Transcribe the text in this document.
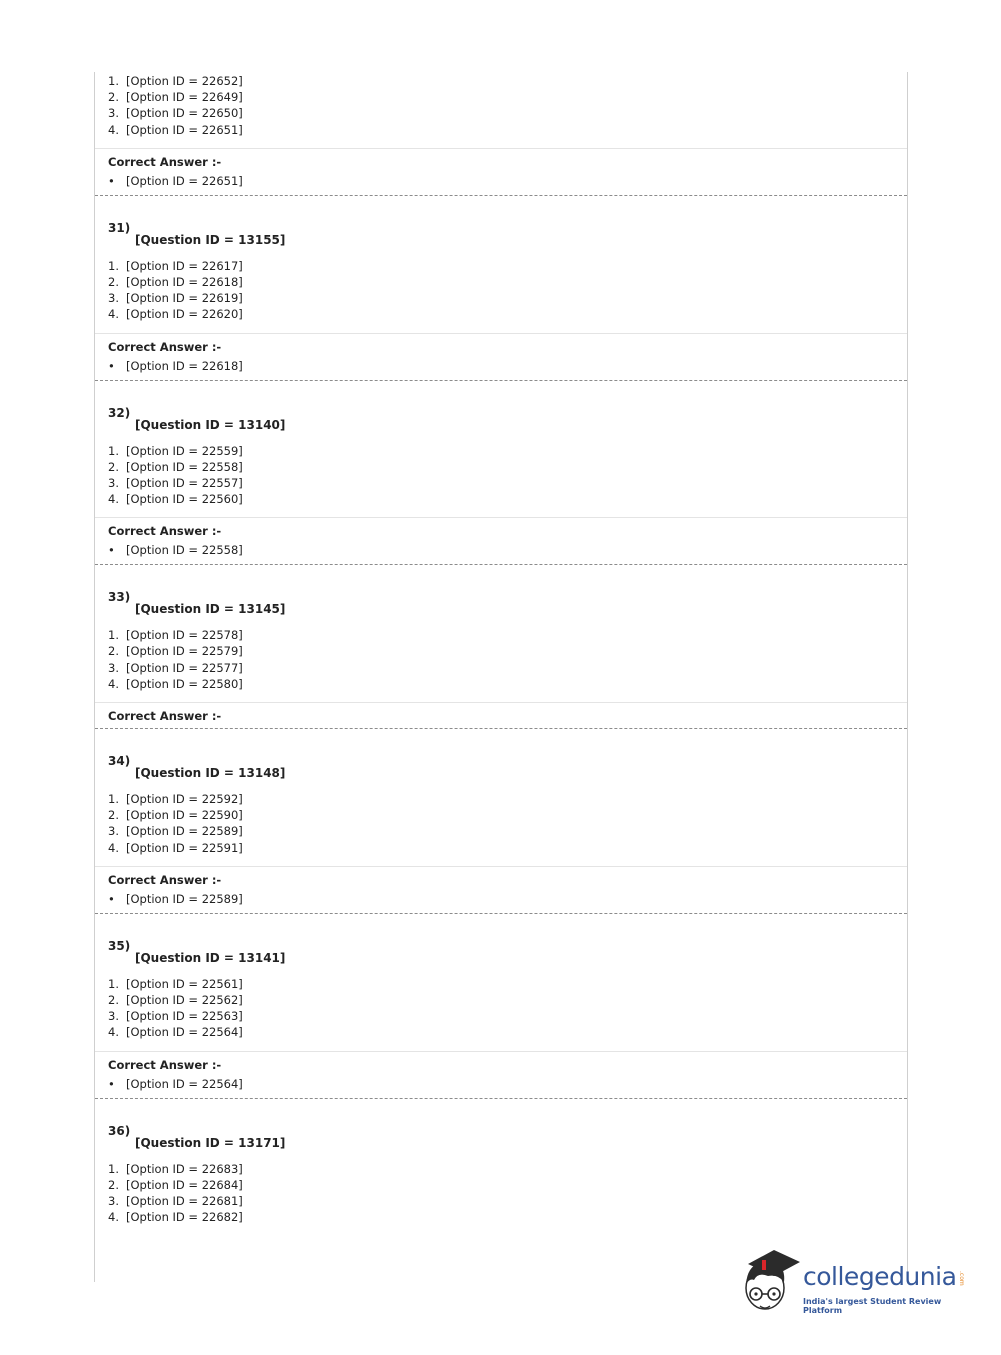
1. [Option ID = 22652]
2. [Option ID = 22649]
3. [Option ID = 22650]
4. [Option ID = 22651]
Correct Answer :-
• [Option ID = 22651]
31)
[Question ID = 13155]
1. [Option ID = 22617]
2. [Option ID = 22618]
3. [Option ID = 22619]
4. [Option ID = 22620]
Correct Answer :-
• [Option ID = 22618]
32)
[Question ID = 13140]
1. [Option ID = 22559]
2. [Option ID = 22558]
3. [Option ID = 22557]
4. [Option ID = 22560]
Correct Answer :-
• [Option ID = 22558]
33)
[Question ID = 13145]
1. [Option ID = 22578]
2. [Option ID = 22579]
3. [Option ID = 22577]
4. [Option ID = 22580]
Correct Answer :-
34)
[Question ID = 13148]
1. [Option ID = 22592]
2. [Option ID = 22590]
3. [Option ID = 22589]
4. [Option ID = 22591]
Correct Answer :-
• [Option ID = 22589]
35)
[Question ID = 13141]
1. [Option ID = 22561]
2. [Option ID = 22562]
3. [Option ID = 22563]
4. [Option ID = 22564]
Correct Answer :-
• [Option ID = 22564]
36)
[Question ID = 13171]
1. [Option ID = 22683]
2. [Option ID = 22684]
3. [Option ID = 22681]
4. [Option ID = 22682]
collegedunia .com
India's largest Student Review Platform
